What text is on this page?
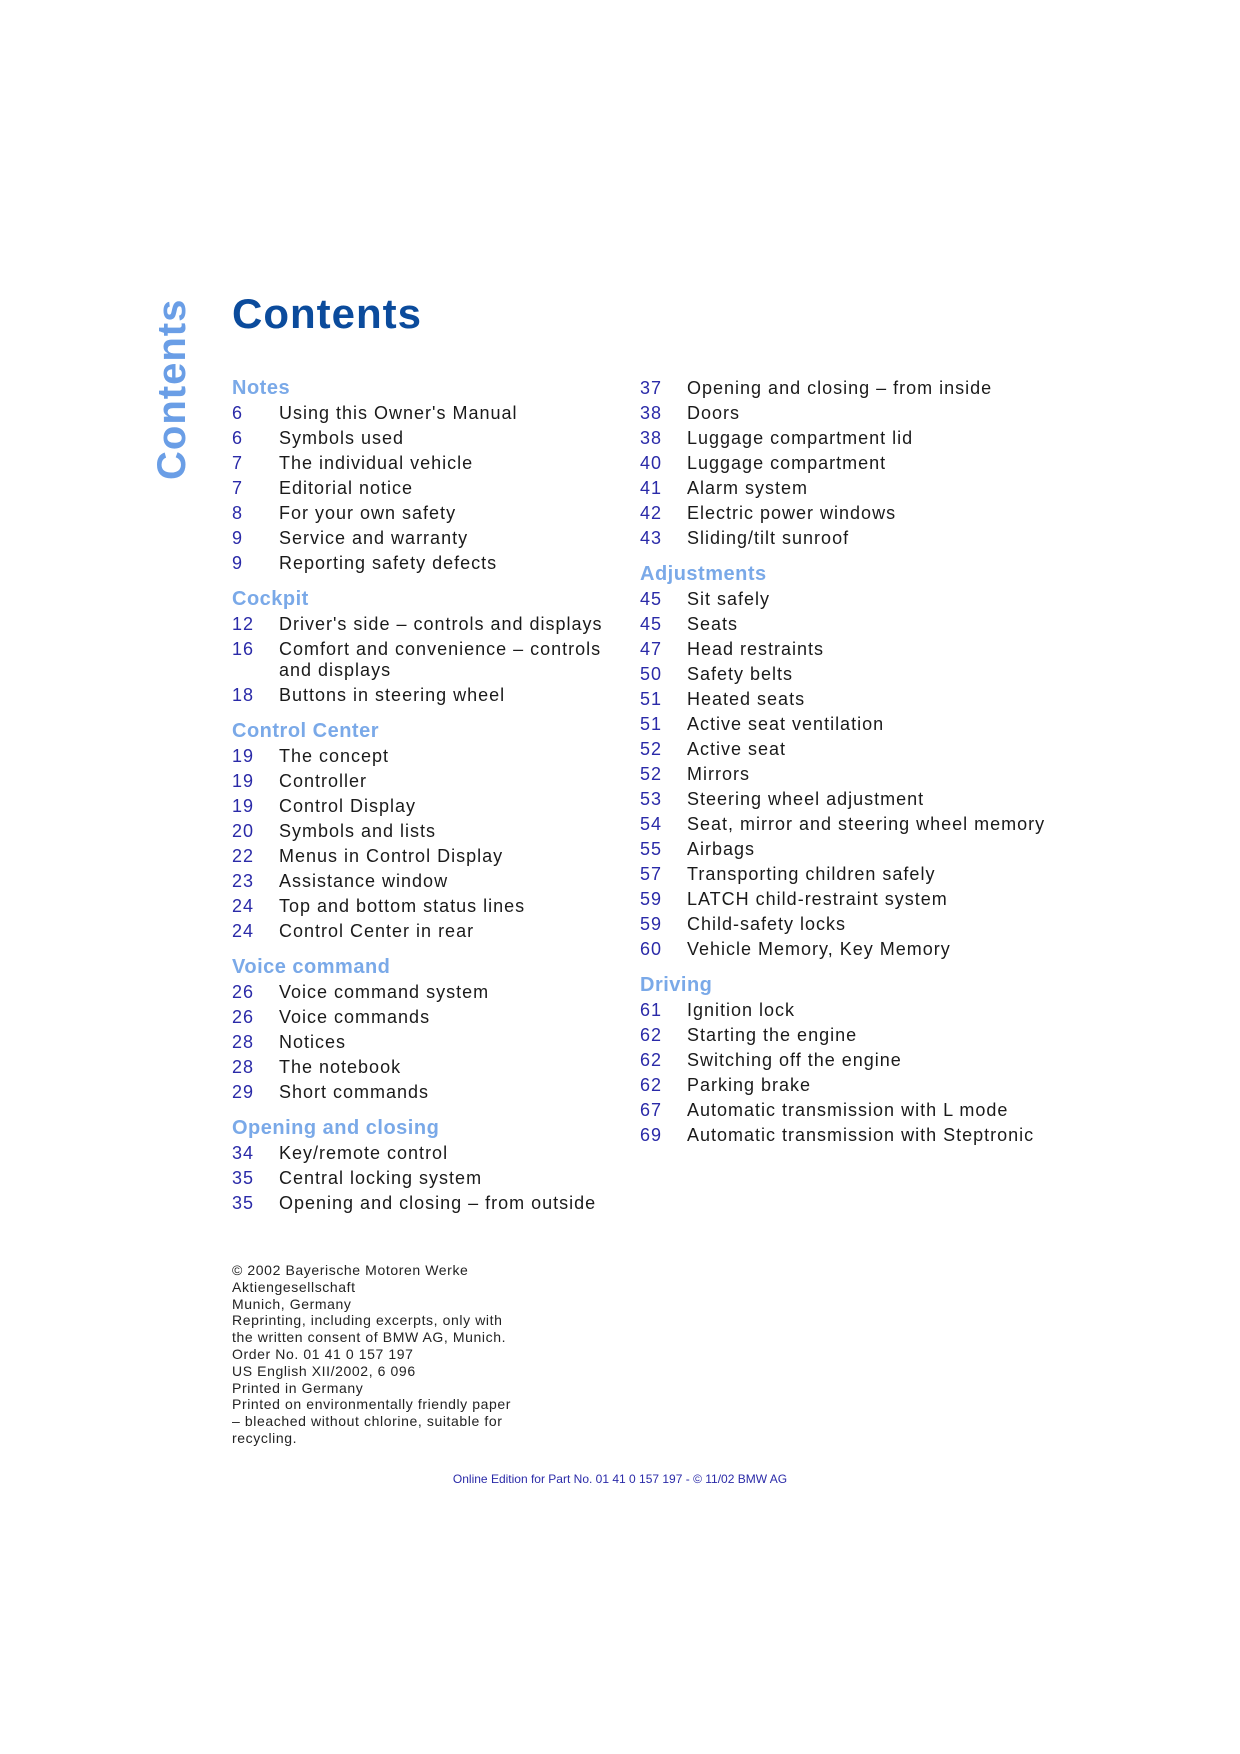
Contents Contents
Notes
6	Using this Owner's Manual
6	Symbols used
7	The individual vehicle
7	Editorial notice
8	For your own safety
9	Service and warranty
9	Reporting safety defects
Cockpit
12	Driver's side – controls and displays
16	Comfort and convenience – controls and displays
18	Buttons in steering wheel
Control Center
19	The concept
19	Controller
19	Control Display
20	Symbols and lists
22	Menus in Control Display
23	Assistance window
24	Top and bottom status lines
24	Control Center in rear
Voice command
26	Voice command system
26	Voice commands
28	Notices
28	The notebook
29	Short commands
Opening and closing
34	Key/remote control
35	Central locking system
35	Opening and closing – from outside
37	Opening and closing – from inside
38	Doors
38	Luggage compartment lid
40	Luggage compartment
41	Alarm system
42	Electric power windows
43	Sliding/tilt sunroof
Adjustments
45	Sit safely
45	Seats
47	Head restraints
50	Safety belts
51	Heated seats
51	Active seat ventilation
52	Active seat
52	Mirrors
53	Steering wheel adjustment
54	Seat, mirror and steering wheel memory
55	Airbags
57	Transporting children safely
59	LATCH child-restraint system
59	Child-safety locks
60	Vehicle Memory, Key Memory
Driving
61	Ignition lock
62	Starting the engine
62	Switching off the engine
62	Parking brake
67	Automatic transmission with L mode
69	Automatic transmission with Steptronic
© 2002 Bayerische Motoren Werke
Aktiengesellschaft
Munich, Germany
Reprinting, including excerpts, only with
the written consent of BMW AG, Munich.
Order No. 01 41 0 157 197
US English XII/2002, 6 096
Printed in Germany
Printed on environmentally friendly paper
– bleached without chlorine, suitable for
recycling.
Online Edition for Part No. 01 41 0 157 197 - © 11/02 BMW AG
